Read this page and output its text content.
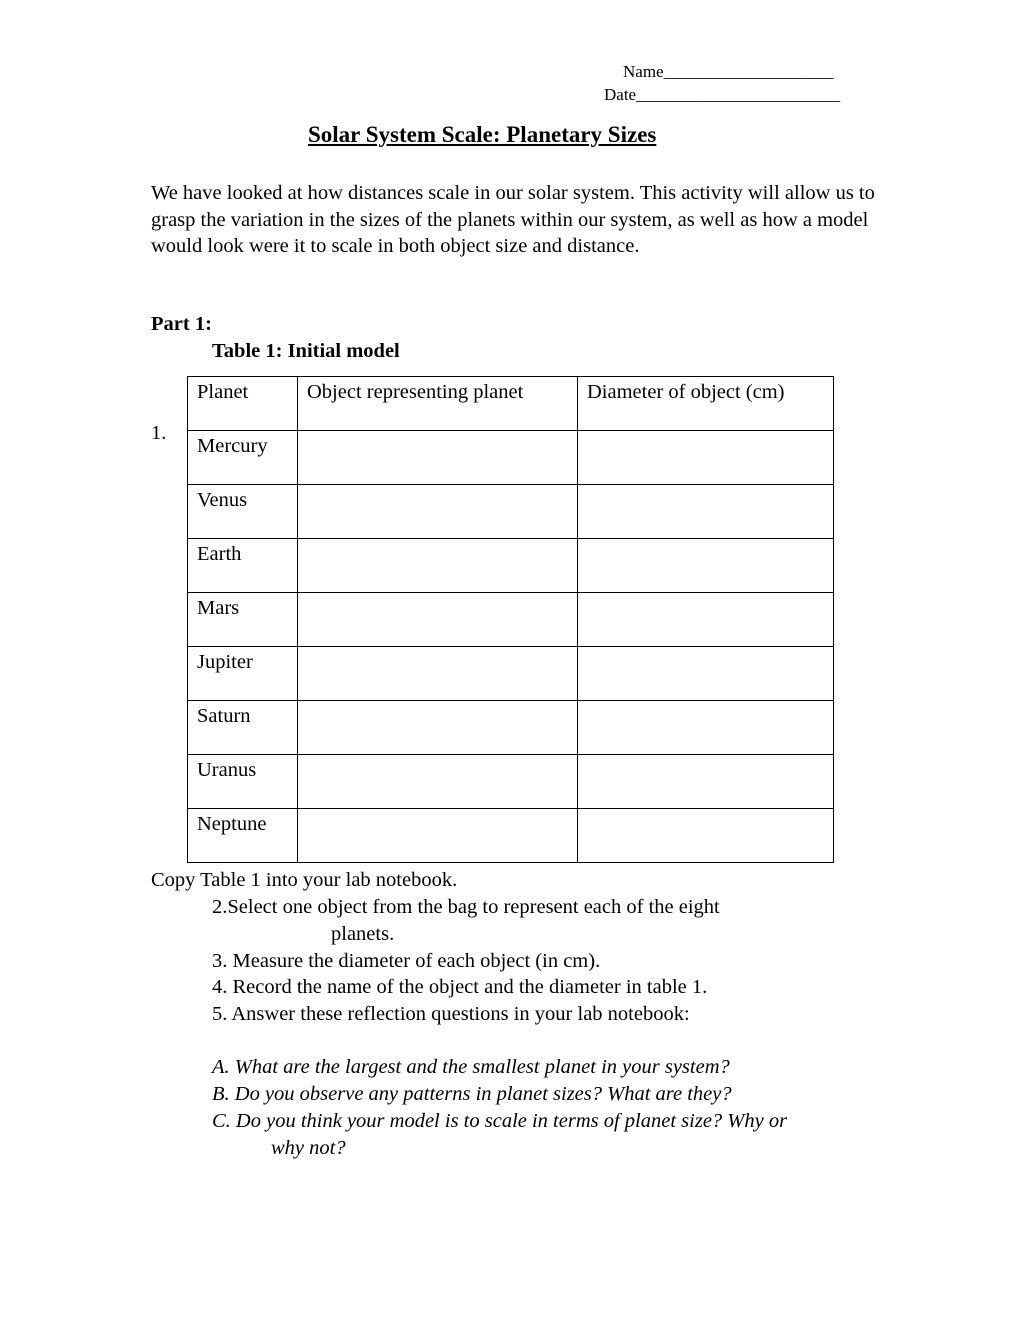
Name____________________
Date________________________
Solar System Scale: Planetary Sizes
We have looked at how distances scale in our solar system. This activity will allow us to grasp the variation in the sizes of the planets within our system, as well as how a model would look were it to scale in both object size and distance.
Part 1:
Table 1: Initial model
1.
Planet	Object representing planet	Diameter of object (cm)

Mercury		

Venus		

Earth		

Mars		

Jupiter		

Saturn		

Uranus		

Neptune		

Copy Table 1 into your lab notebook.
2.Select one object from the bag to represent each of the eight
planets.
3. Measure the diameter of each object (in cm).
4. Record the name of the object and the diameter in table 1.
5. Answer these reflection questions in your lab notebook:
A. What are the largest and the smallest planet in your system?
B. Do you observe any patterns in planet sizes? What are they?
C. Do you think your model is to scale in terms of planet size? Why or
why not?
